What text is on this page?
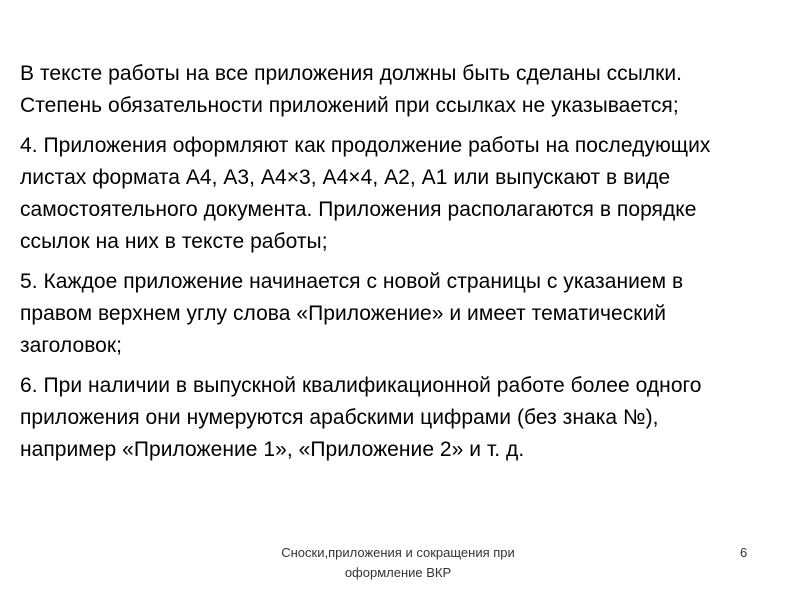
В тексте работы на все приложения должны быть сделаны ссылки. Степень обязательности приложений при ссылках не указывается;

4. Приложения оформляют как продолжение работы на последующих листах формата А4, А3, А4×3, А4×4, А2, А1 или выпускают в виде самостоятельного документа. Приложения располагаются в порядке ссылок на них в тексте работы;

5. Каждое приложение начинается с новой страницы с указанием в правом верхнем углу слова «Приложение» и имеет тематический заголовок;

6. При наличии в выпускной квалификационной работе более одного приложения они нумеруются арабскими цифрами (без знака №), например «Приложение 1», «Приложение 2» и т. д.

Сноски,приложения и сокращения при
оформление ВКР
6
